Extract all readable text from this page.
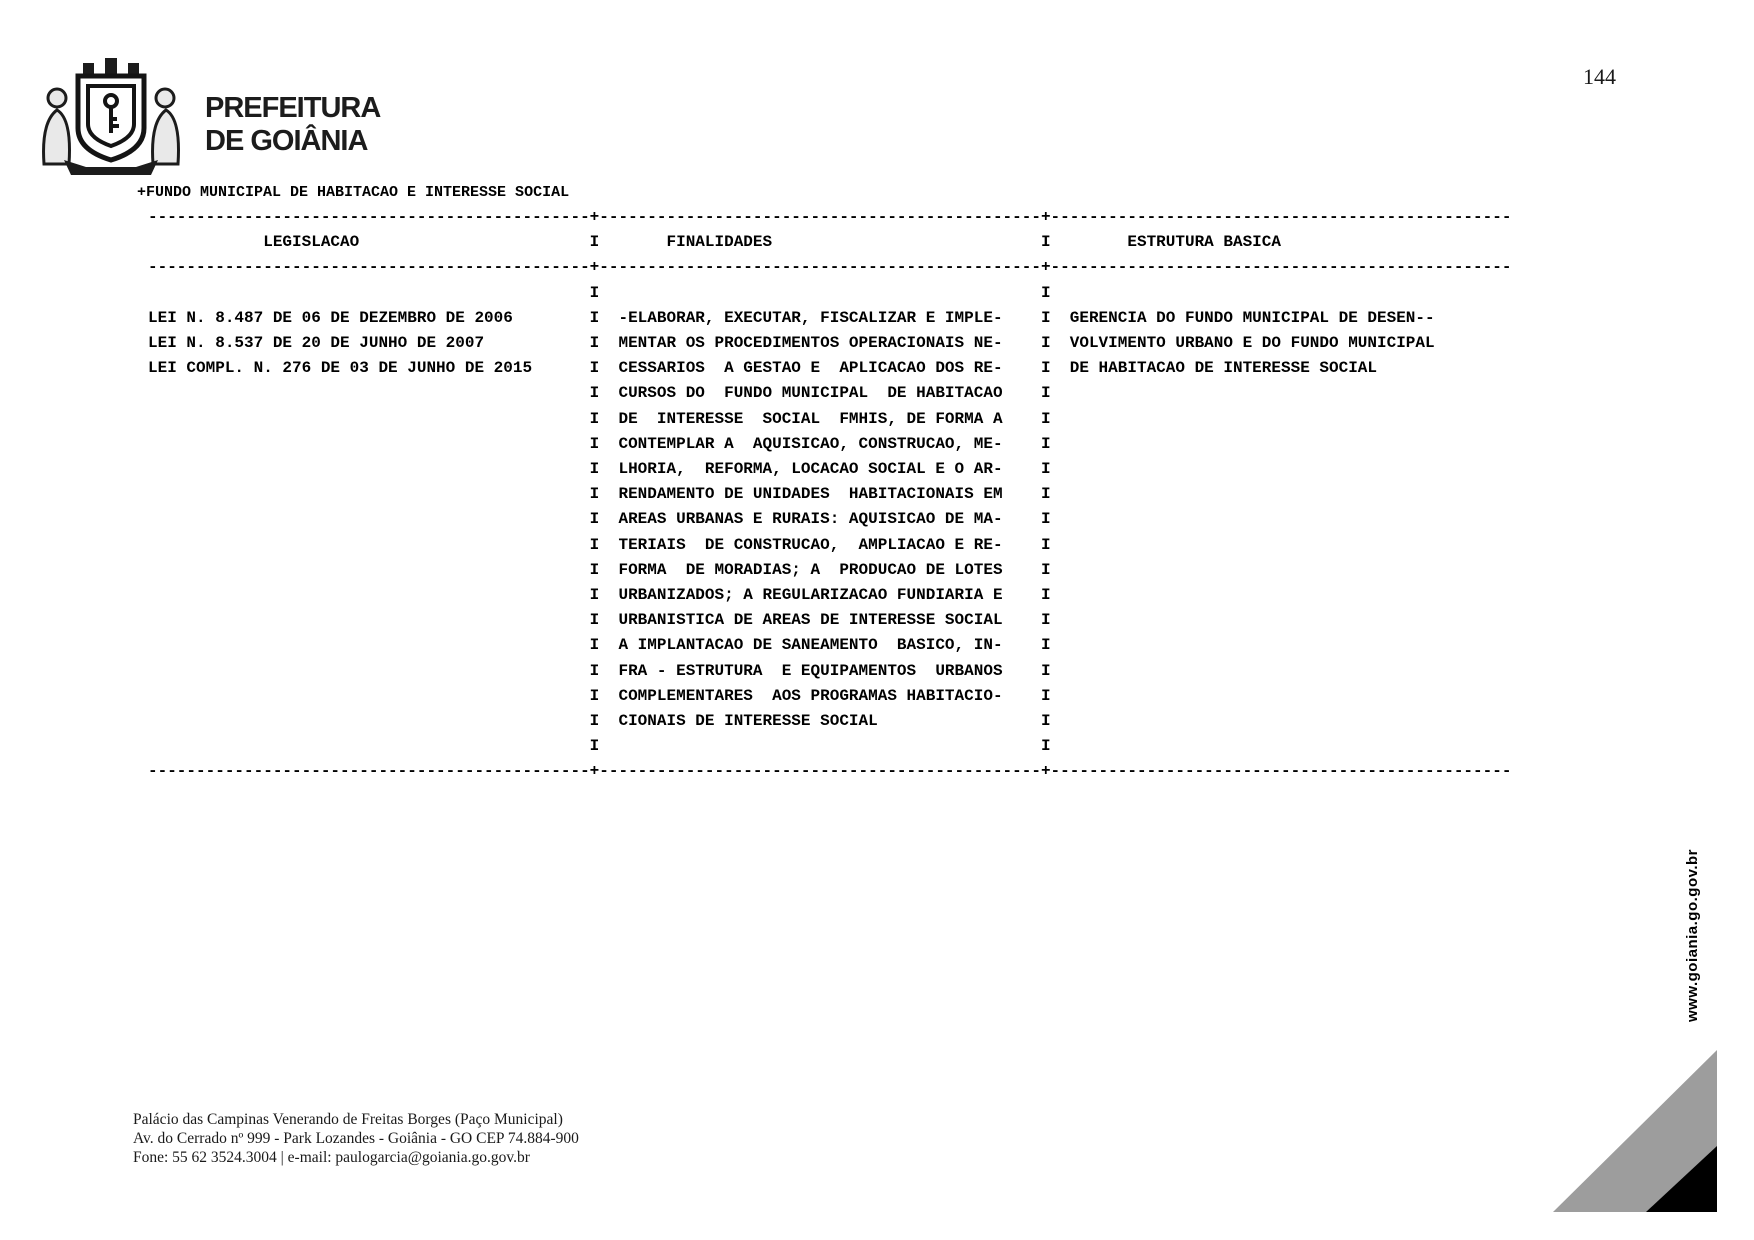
PREFEITURA
DE GOIÂNIA
144
+FUNDO MUNICIPAL DE HABITACAO E INTERESSE SOCIAL
----------------------------------------------+----------------------------------------------+------------------------------------------------
LEGISLACAO                        I       FINALIDADES                            I        ESTRUTURA BASICA
----------------------------------------------+----------------------------------------------+------------------------------------------------
I                                              I
LEI N. 8.487 DE 06 DE DEZEMBRO DE 2006        I  -ELABORAR, EXECUTAR, FISCALIZAR E IMPLE-    I  GERENCIA DO FUNDO MUNICIPAL DE DESEN--
LEI N. 8.537 DE 20 DE JUNHO DE 2007           I  MENTAR OS PROCEDIMENTOS OPERACIONAIS NE-    I  VOLVIMENTO URBANO E DO FUNDO MUNICIPAL
LEI COMPL. N. 276 DE 03 DE JUNHO DE 2015      I  CESSARIOS  A GESTAO E  APLICACAO DOS RE-    I  DE HABITACAO DE INTERESSE SOCIAL
I  CURSOS DO  FUNDO MUNICIPAL  DE HABITACAO    I
I  DE  INTERESSE  SOCIAL  FMHIS, DE FORMA A    I
I  CONTEMPLAR A  AQUISICAO, CONSTRUCAO, ME-    I
I  LHORIA,  REFORMA, LOCACAO SOCIAL E O AR-    I
I  RENDAMENTO DE UNIDADES  HABITACIONAIS EM    I
I  AREAS URBANAS E RURAIS: AQUISICAO DE MA-    I
I  TERIAIS  DE CONSTRUCAO,  AMPLIACAO E RE-    I
I  FORMA  DE MORADIAS; A  PRODUCAO DE LOTES    I
I  URBANIZADOS; A REGULARIZACAO FUNDIARIA E    I
I  URBANISTICA DE AREAS DE INTERESSE SOCIAL    I
I  A IMPLANTACAO DE SANEAMENTO  BASICO, IN-    I
I  FRA - ESTRUTURA  E EQUIPAMENTOS  URBANOS    I
I  COMPLEMENTARES  AOS PROGRAMAS HABITACIO-    I
I  CIONAIS DE INTERESSE SOCIAL                 I
I                                              I
----------------------------------------------+----------------------------------------------+------------------------------------------------
Palácio das Campinas Venerando de Freitas Borges (Paço Municipal)
Av. do Cerrado nº 999 - Park Lozandes - Goiânia - GO CEP 74.884-900
Fone: 55 62 3524.3004 | e-mail: paulogarcia@goiania.go.gov.br
www.goiania.go.gov.br
